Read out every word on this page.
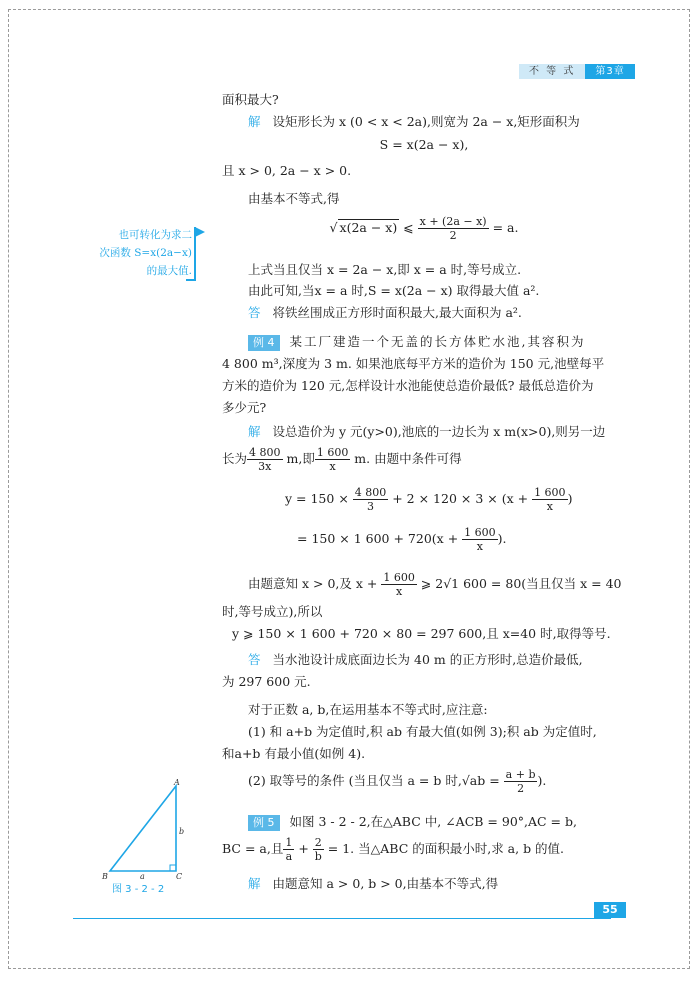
不 等 式	第3章
也可转化为求二
次函数 S=x(2a−x)
的最大值.
面积最大?
解 设矩形长为 x (0 < x < 2a),则宽为 2a − x,矩形面积为
S = x(2a − x),
且 x > 0, 2a − x > 0.
由基本不等式,得
√ x(2a − x) ⩽ $\frac{x + (2a - x)}{2} = a$.
上式当且仅当 x = 2a − x,即 x = a 时,等号成立.
由此可知,当x = a 时,S = x(2a − x) 取得最大值 a².
答 将铁丝围成正方形时面积最大,最大面积为 a².
例 4 某工厂建造一个无盖的长方体贮水池,其容积为
4 800 m³,深度为 3 m. 如果池底每平方米的造价为 150 元,池壁每平
方米的造价为 120 元,怎样设计水池能使总造价最低? 最低总造价为
多少元?
解 设总造价为 y 元(y>0),池底的一边长为 x m(x>0),则另一边
长为 $\frac{4 800}{3x} m$,即 $\frac{1 600}{x} m$. 由题中条件可得
$y = 150 \times \frac{4 800}{3} + 2 \times 120 \times 3 \times (x + \frac{1 600}{x}$ )
= 150 × 1 $600 + 720(x + \frac{1 600}{x}$ ).
由题意知 x > 0,及 $x + \frac{1 600}{x}$ ⩾ 2√1 600 = 80(当且仅当 x = 40
时,等号成立),所以
y ⩾ 150 × 1 600 + 720 × 80 = 297 600,且 x=40 时,取得等号.
答 当水池设计成底面边长为 40 m 的正方形时,总造价最低,
为 297 600 元.
对于正数 a, b,在运用基本不等式时,应注意:
(1) 和 a+b 为定值时,积 ab 有最大值(如例 3);积 ab 为定值时,
和a+b 有最小值(如例 4).
(2) 取等号的条件 (当且仅当 a = b 时$,√ab = \frac{a + b}{2}$ ).
例 5 如图 3 - 2 - 2,在△ABC 中, ∠ACB = 90°,AC = b,
BC = a,且 $\frac{1}{a} + \frac{2}{b} = 1$. 当△ABC 的面积最小时,求 a, b 的值.
解 由题意知 a > 0, b > 0,由基本不等式,得
A
B	C
a
b
图 3 - 2 - 2
55
